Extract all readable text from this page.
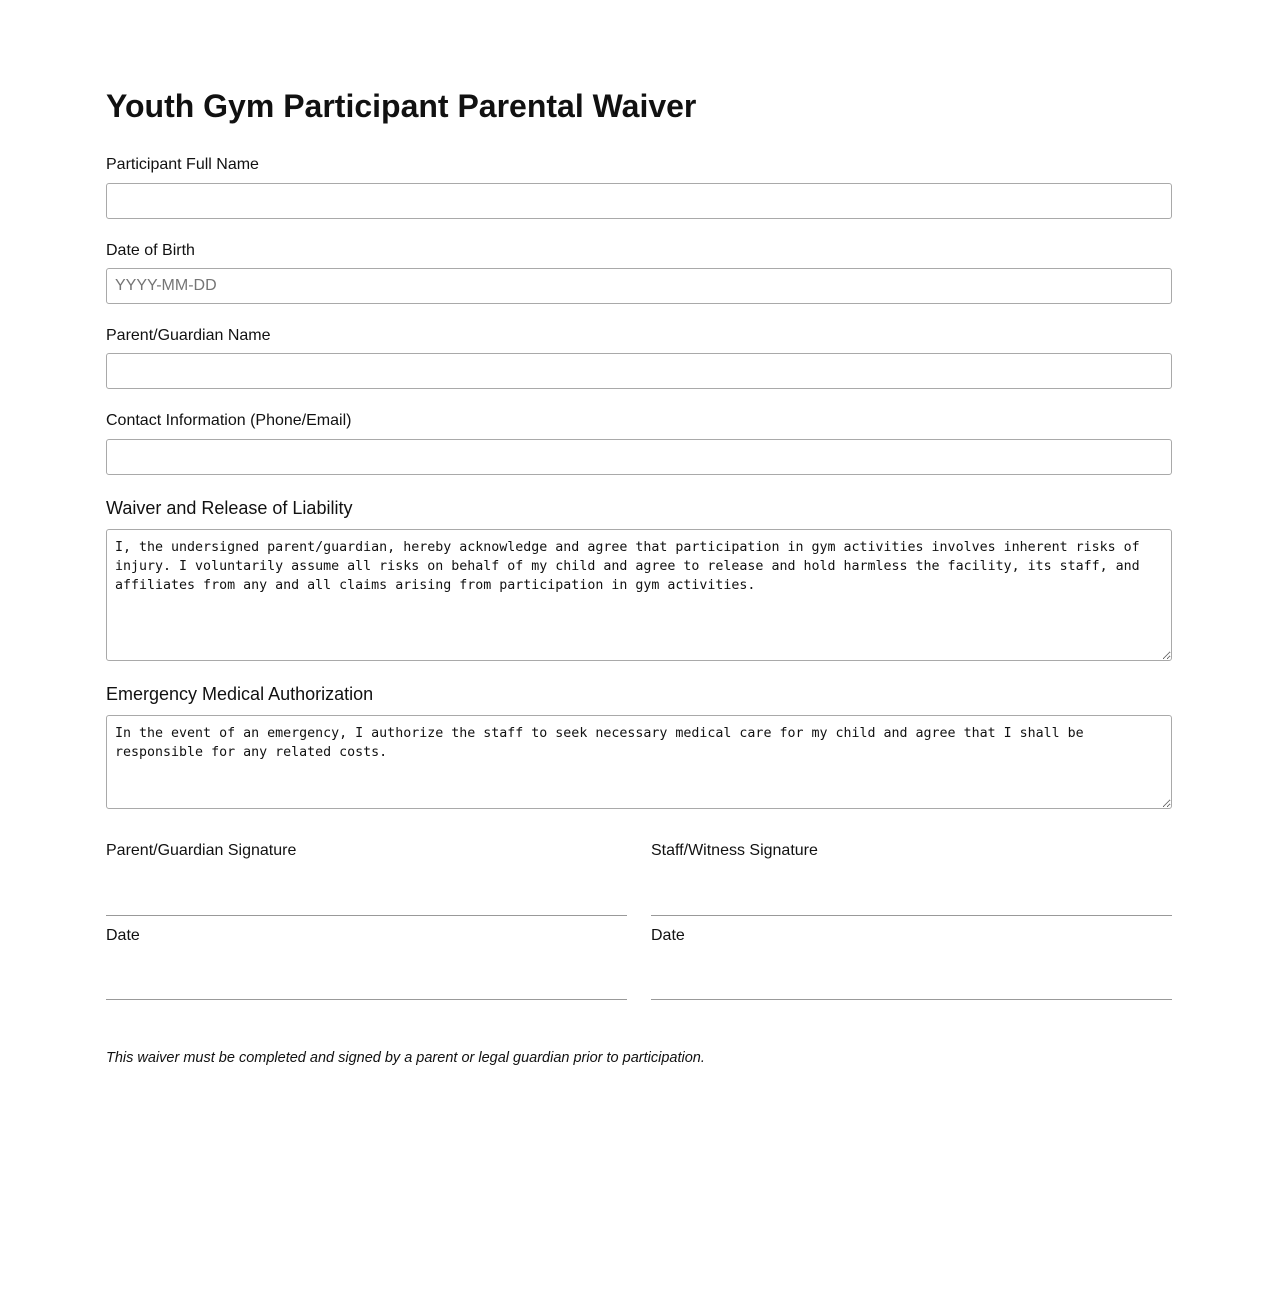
Youth Gym Participant Parental Waiver
Participant Full Name
Date of Birth
YYYY-MM-DD
Parent/Guardian Name
Contact Information (Phone/Email)
Waiver and Release of Liability
I, the undersigned parent/guardian, hereby acknowledge and agree that participation in gym activities involves inherent risks of injury. I voluntarily assume all risks on behalf of my child and agree to release and hold harmless the facility, its staff, and affiliates from any and all claims arising from participation in gym activities.
Emergency Medical Authorization
In the event of an emergency, I authorize the staff to seek necessary medical care for my child and agree that I shall be responsible for any related costs.
Parent/Guardian Signature
Date
Staff/Witness Signature
Date

This waiver must be completed and signed by a parent or legal guardian prior to participation.
